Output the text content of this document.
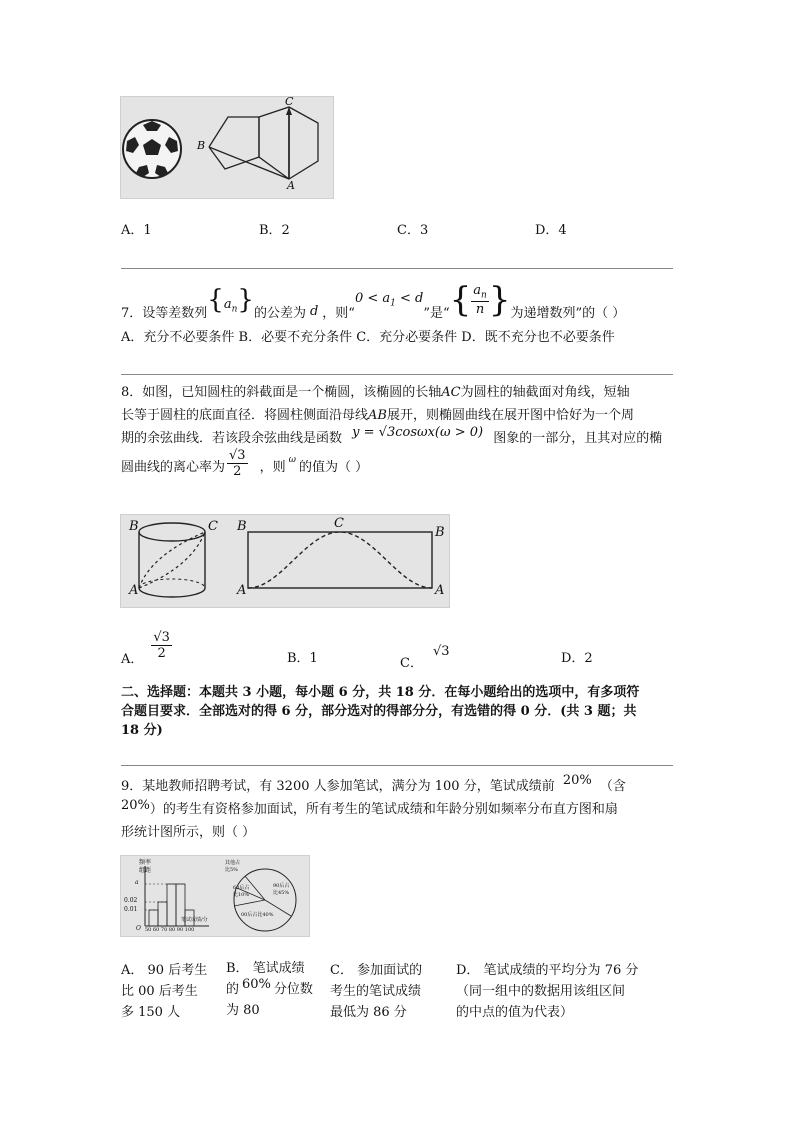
C
B
A
A．1	B．2	C．3	D．4
7．设等差数列 $\{a_n\}$ 的公差为 d ，则“
$0 < a_1 < d$
”是“ { $\frac{a_n}{n}$ } 为递增数列”的（ ）
A．充分不必要条件 B．必要不充分条件 C．充分必要条件 D．既不充分也不必要条件
8．如图，已知圆柱的斜截面是一个椭圆，该椭圆的长轴AC为圆柱的轴截面对角线，短轴
长等于圆柱的底面直径．将圆柱侧面沿母线AB展开，则椭圆曲线在展开图中恰好为一个周
期的余弦曲线．若该段余弦曲线是函数 y = √3cosωx(ω > 0) 图象的一部分，且其对应的椭
圆曲线的离心率为 $\frac{√3}{2}$ ，则 ω 的值为（ ）
B	C
A
B	C
B
A	A
A． $\frac{√3}{2}$	B．1	C．√3	D．2
二、选择题：本题共 3 小题，每小题 6 分，共 18 分．在每小题给出的选项中，有多项符
合题目要求．全部选对的得 6 分，部分选对的得部分分，有选错的得 0 分．(共 3 题；共
18 分)
9．某地教师招聘考试，有 3200 人参加笔试，满分为 100 分，笔试成绩前 20% （含
20%）的考生有资格参加面试，所有考生的笔试成绩和年龄分别如频率分布直方图和扇
形统计图所示，则（ ）
频率
组距
a
0.02
0.01
O 50 60 70 80 90 100
笔试成绩/分
其他占
比5%
60后占
比10%
90后占
比45%
00后占比40%
A． 90 后考生
比 00 后考生
多 150 人
B． 笔试成绩
的 60% 分位数
为 80
C． 参加面试的
考生的笔试成绩
最低为 86 分
D． 笔试成绩的平均分为 76 分
（同一组中的数据用该组区间
的中点的值为代表）
